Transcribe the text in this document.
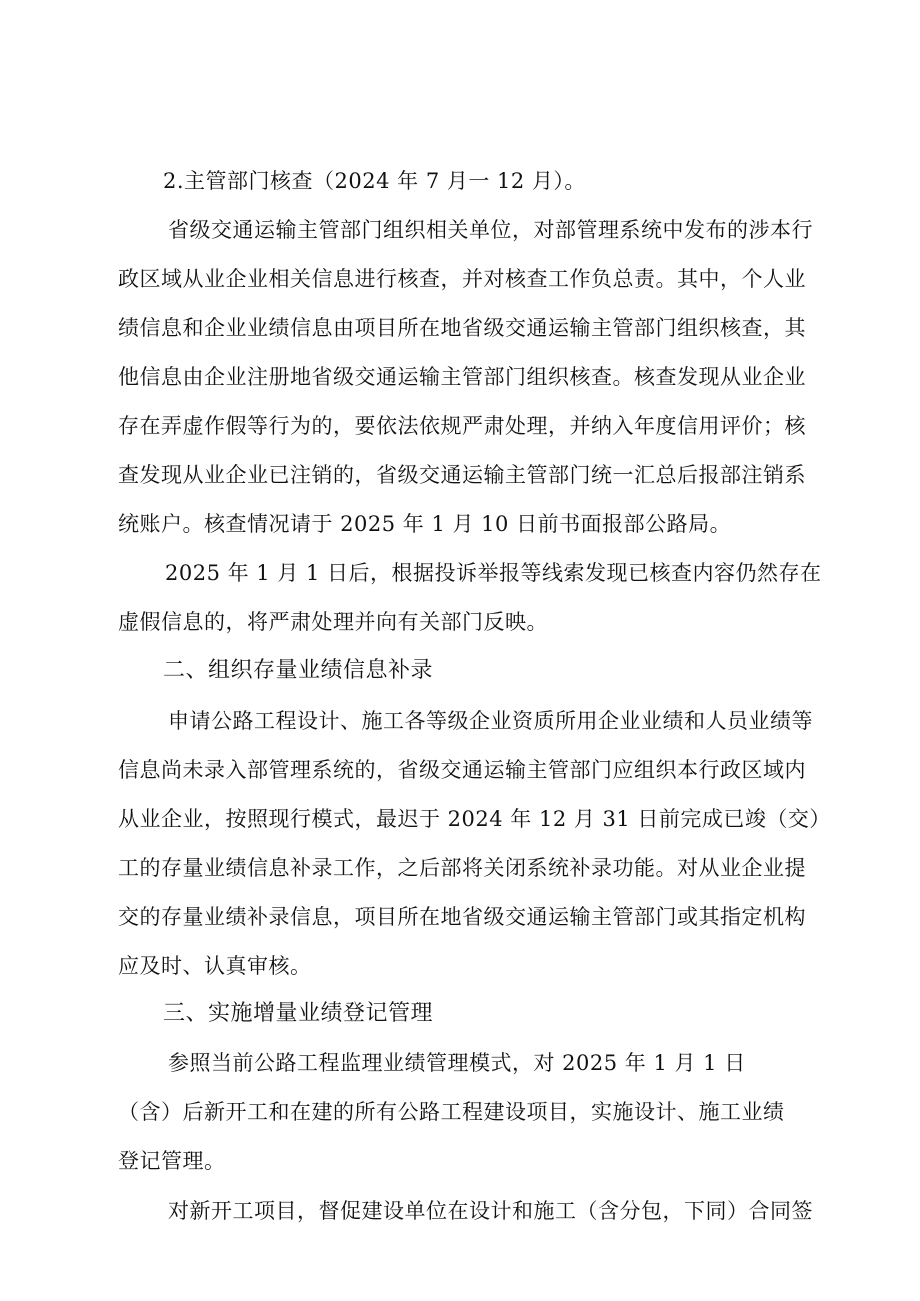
2.主管部门核查（2024 年 7 月一 12 月）。
省级交通运输主管部门组织相关单位，对部管理系统中发布的涉本行
政区域从业企业相关信息进行核查，并对核查工作负总责。其中，个人业
绩信息和企业业绩信息由项目所在地省级交通运输主管部门组织核查，其
他信息由企业注册地省级交通运输主管部门组织核查。核查发现从业企业
存在弄虚作假等行为的，要依法依规严肃处理，并纳入年度信用评价；核
查发现从业企业已注销的，省级交通运输主管部门统一汇总后报部注销系
统账户。核查情况请于 2025 年 1 月 10 日前书面报部公路局。
2025 年 1 月 1 日后，根据投诉举报等线索发现已核查内容仍然存在
虚假信息的，将严肃处理并向有关部门反映。
二、组织存量业绩信息补录
申请公路工程设计、施工各等级企业资质所用企业业绩和人员业绩等
信息尚未录入部管理系统的，省级交通运输主管部门应组织本行政区域内
从业企业，按照现行模式，最迟于 2024 年 12 月 31 日前完成已竣（交）
工的存量业绩信息补录工作，之后部将关闭系统补录功能。对从业企业提
交的存量业绩补录信息，项目所在地省级交通运输主管部门或其指定机构
应及时、认真审核。
三、实施增量业绩登记管理
参照当前公路工程监理业绩管理模式，对 2025 年 1 月 1 日
（含）后新开工和在建的所有公路工程建设项目，实施设计、施工业绩
登记管理。
对新开工项目，督促建设单位在设计和施工（含分包，下同）合同签
